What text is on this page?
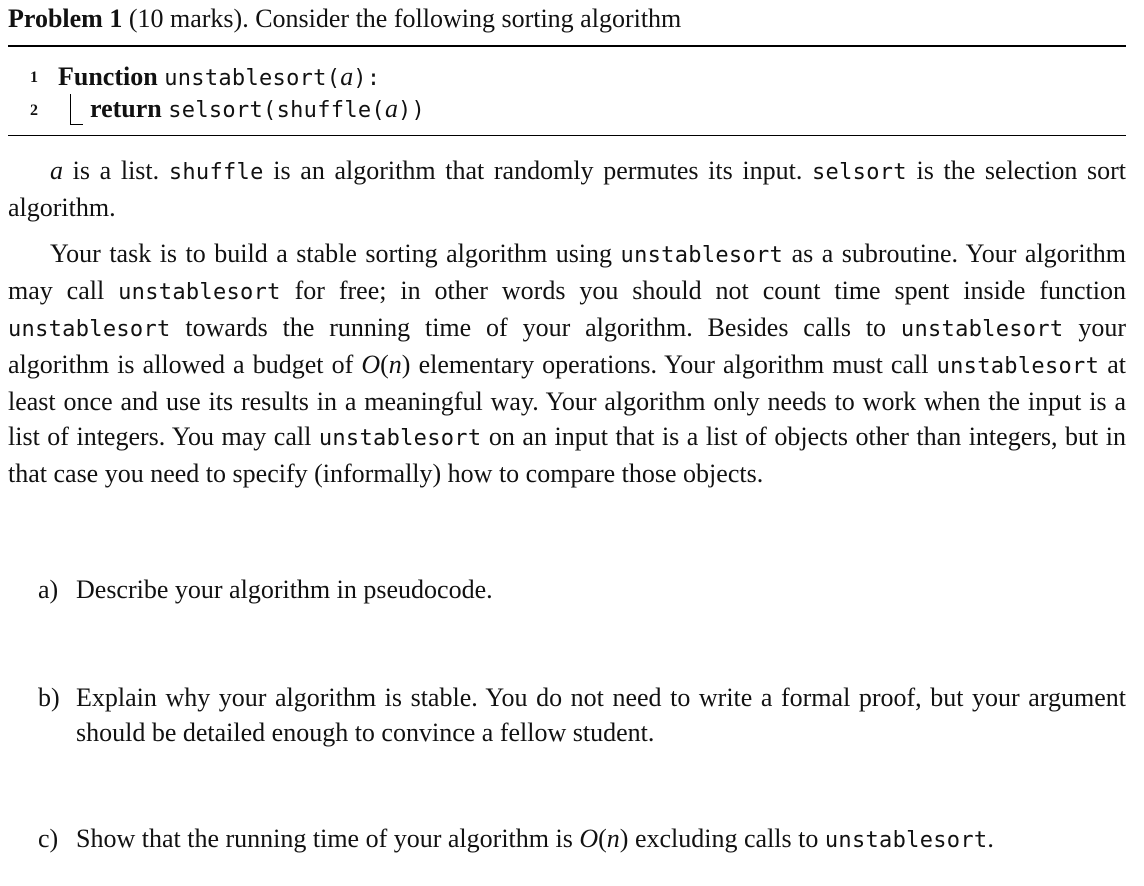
Problem 1 (10 marks). Consider the following sorting algorithm
1 Function unstablesort(a):
2 return selsort(shuffle(a))
a is a list. shuffle is an algorithm that randomly permutes its input. selsort is the selection sort algorithm.
Your task is to build a stable sorting algorithm using unstablesort as a subroutine. Your algorithm may call unstablesort for free; in other words you should not count time spent inside function unstablesort towards the running time of your algorithm. Besides calls to unstablesort your algorithm is allowed a budget of O(n) elementary operations. Your algorithm must call unstablesort at least once and use its results in a meaningful way. Your algorithm only needs to work when the input is a list of integers. You may call unstablesort on an input that is a list of objects other than integers, but in that case you need to specify (informally) how to compare those objects.
a) Describe your algorithm in pseudocode.
b) Explain why your algorithm is stable. You do not need to write a formal proof, but your argument should be detailed enough to convince a fellow student.
c) Show that the running time of your algorithm is O(n) excluding calls to unstablesort.
